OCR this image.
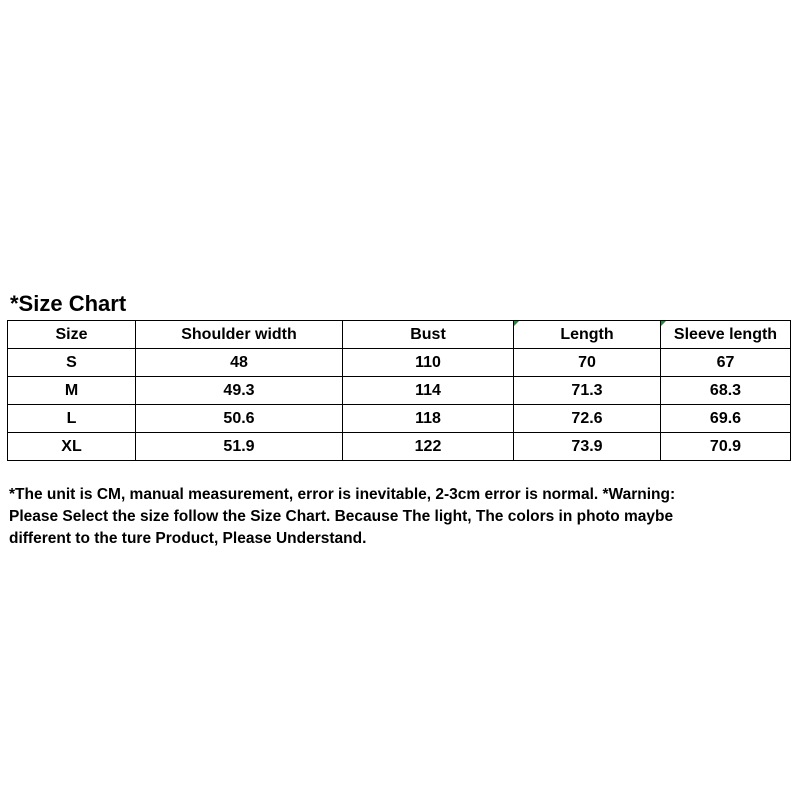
*Size Chart
Size	Shoulder width	Bust	Length	Sleeve length
S	48	110	70	67
M	49.3	114	71.3	68.3
L	50.6	118	72.6	69.6
XL	51.9	122	73.9	70.9

*The unit is CM, manual measurement, error is inevitable, 2-3cm error is normal. *Warning:

Please Select the size follow the Size Chart. Because The light, The colors in photo maybe

different to the ture Product, Please Understand.
